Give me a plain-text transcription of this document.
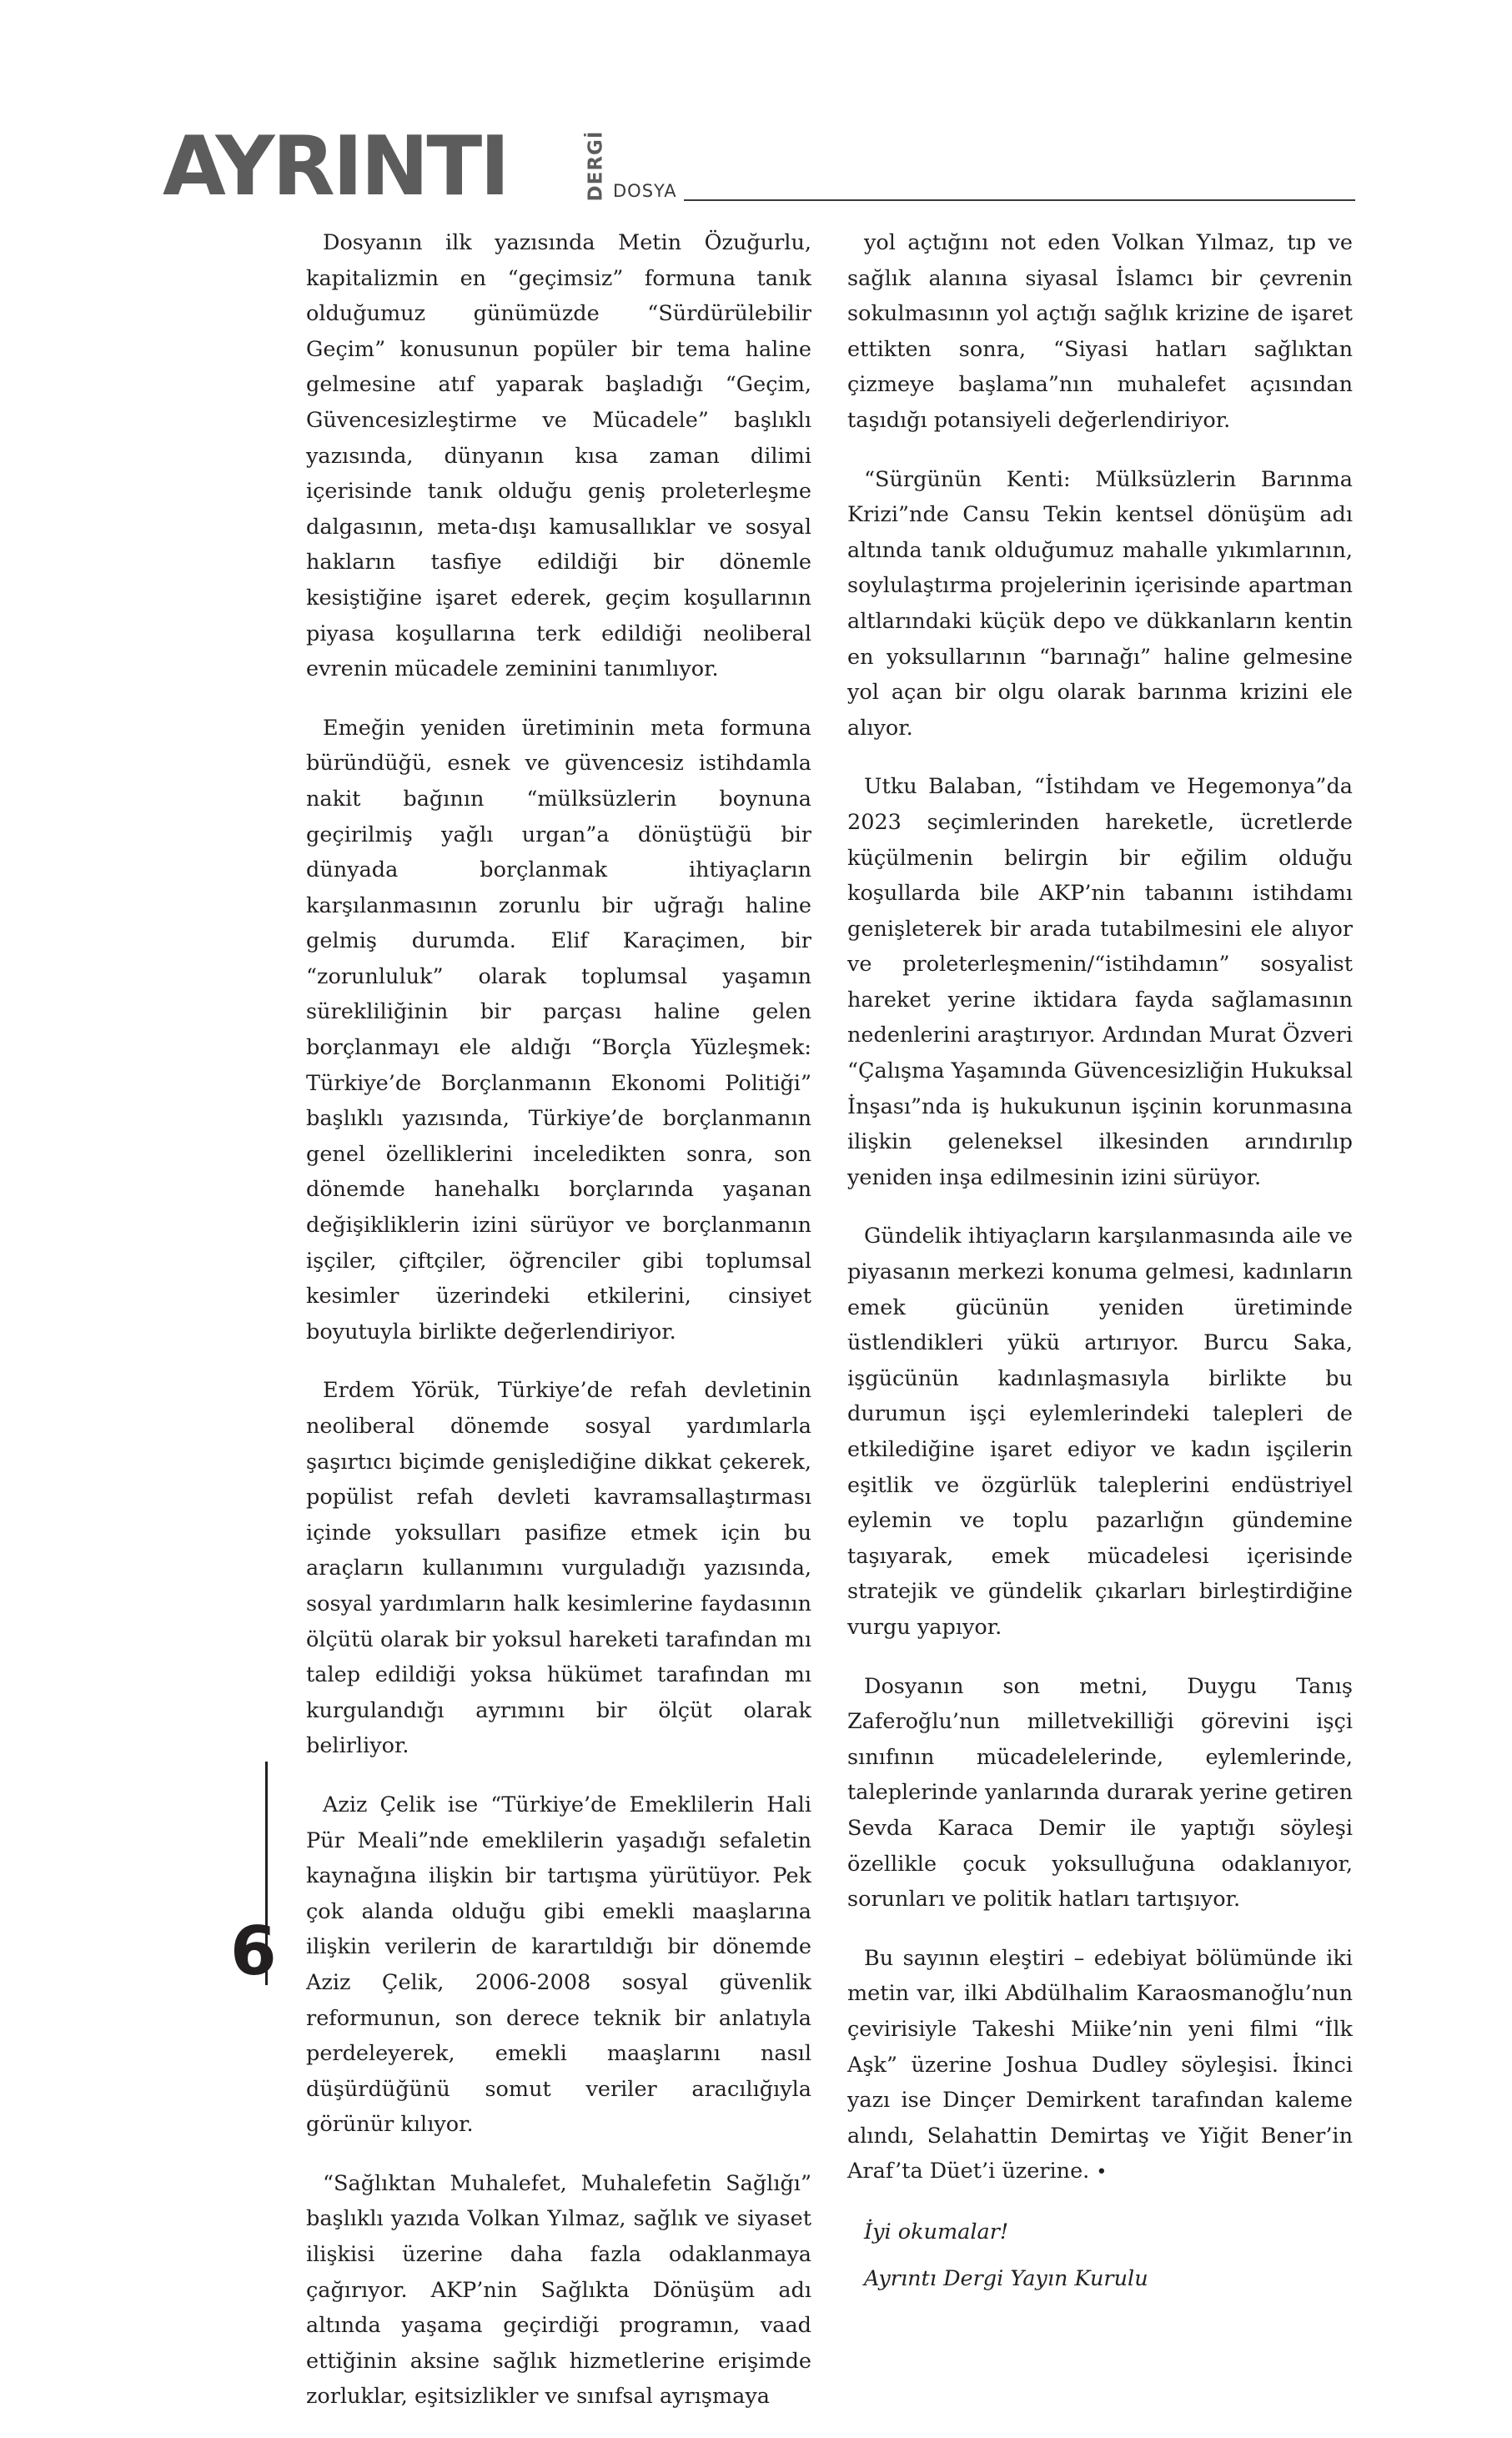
AYRINTI	DERGİ DOSYA

Dosyanın ilk yazısında Metin Özuğurlu, kapitalizmin en “geçimsiz” formuna tanık olduğumuz günümüzde “Sürdürülebilir Geçim” konusunun popüler bir tema haline gelmesine atıf yaparak başladığı “Geçim, Güvencesizleştirme ve Mücadele” başlıklı yazısında, dünyanın kısa zaman dilimi içerisinde tanık olduğu geniş proleterleşme dalgasının, meta-dışı kamusallıklar ve sosyal hakların tasfiye edildiği bir dönemle kesiştiğine işaret ederek, geçim koşullarının piyasa koşullarına terk edildiği neoliberal evrenin mücadele zeminini tanımlıyor.

Emeğin yeniden üretiminin meta formuna büründüğü, esnek ve güvencesiz istihdamla nakit bağının “mülksüzlerin boynuna geçirilmiş yağlı urgan”a dönüştüğü bir dünyada borçlanmak ihtiyaçların karşılanmasının zorunlu bir uğrağı haline gelmiş durumda. Elif Karaçimen, bir “zorunluluk” olarak toplumsal yaşamın sürekliliğinin bir parçası haline gelen borçlanmayı ele aldığı “Borçla Yüzleşmek: Türkiye’de Borçlanmanın Ekonomi Politiği” başlıklı yazısında, Türkiye’de borçlanmanın genel özelliklerini inceledikten sonra, son dönemde hanehalkı borçlarında yaşanan değişikliklerin izini sürüyor ve borçlanmanın işçiler, çiftçiler, öğrenciler gibi toplumsal kesimler üzerindeki etkilerini, cinsiyet boyutuyla birlikte değerlendiriyor.

Erdem Yörük, Türkiye’de refah devletinin neoliberal dönemde sosyal yardımlarla şaşırtıcı biçimde genişlediğine dikkat çekerek, popülist refah devleti kavramsallaştırması içinde yoksulları pasifize etmek için bu araçların kullanımını vurguladığı yazısında, sosyal yardımların halk kesimlerine faydasının ölçütü olarak bir yoksul hareketi tarafından mı talep edildiği yoksa hükümet tarafından mı kurgulandığı ayrımını bir ölçüt olarak belirliyor.

Aziz Çelik ise “Türkiye’de Emeklilerin Hali Pür Meali”nde emeklilerin yaşadığı sefaletin kaynağına ilişkin bir tartışma yürütüyor. Pek çok alanda olduğu gibi emekli maaşlarına ilişkin verilerin de karartıldığı bir dönemde Aziz Çelik, 2006-2008 sosyal güvenlik reformunun, son derece teknik bir anlatıyla perdeleyerek, emekli maaşlarını nasıl düşürdüğünü somut veriler aracılığıyla görünür kılıyor.

“Sağlıktan Muhalefet, Muhalefetin Sağlığı” başlıklı yazıda Volkan Yılmaz, sağlık ve siyaset ilişkisi üzerine daha fazla odaklanmaya çağırıyor. AKP’nin Sağlıkta Dönüşüm adı altında yaşama geçirdiği programın, vaad ettiğinin aksine sağlık hizmetlerine erişimde zorluklar, eşitsizlikler ve sınıfsal ayrışmaya

yol açtığını not eden Volkan Yılmaz, tıp ve sağlık alanına siyasal İslamcı bir çevrenin sokulmasının yol açtığı sağlık krizine de işaret ettikten sonra, “Siyasi hatları sağlıktan çizmeye başlama”nın muhalefet açısından taşıdığı potansiyeli değerlendiriyor.

“Sürgünün Kenti: Mülksüzlerin Barınma Krizi”nde Cansu Tekin kentsel dönüşüm adı altında tanık olduğumuz mahalle yıkımlarının, soylulaştırma projelerinin içerisinde apartman altlarındaki küçük depo ve dükkanların kentin en yoksullarının “barınağı” haline gelmesine yol açan bir olgu olarak barınma krizini ele alıyor.

Utku Balaban, “İstihdam ve Hegemonya”da 2023 seçimlerinden hareketle, ücretlerde küçülmenin belirgin bir eğilim olduğu koşullarda bile AKP’nin tabanını istihdamı genişleterek bir arada tutabilmesini ele alıyor ve proleterleşmenin/“istihdamın” sosyalist hareket yerine iktidara fayda sağlamasının nedenlerini araştırıyor. Ardından Murat Özveri “Çalışma Yaşamında Güvencesizliğin Hukuksal İnşası”nda iş hukukunun işçinin korunmasına ilişkin geleneksel ilkesinden arındırılıp yeniden inşa edilmesinin izini sürüyor.

Gündelik ihtiyaçların karşılanmasında aile ve piyasanın merkezi konuma gelmesi, kadınların emek gücünün yeniden üretiminde üstlendikleri yükü artırıyor. Burcu Saka, işgücünün kadınlaşmasıyla birlikte bu durumun işçi eylemlerindeki talepleri de etkilediğine işaret ediyor ve kadın işçilerin eşitlik ve özgürlük taleplerini endüstriyel eylemin ve toplu pazarlığın gündemine taşıyarak, emek mücadelesi içerisinde stratejik ve gündelik çıkarları birleştirdiğine vurgu yapıyor.

Dosyanın son metni, Duygu Tanış Zaferoğlu’nun milletvekilliği görevini işçi sınıfının mücadelelerinde, eylemlerinde, taleplerinde yanlarında durarak yerine getiren Sevda Karaca Demir ile yaptığı söyleşi özellikle çocuk yoksulluğuna odaklanıyor, sorunları ve politik hatları tartışıyor.

Bu sayının eleştiri – edebiyat bölümünde iki metin var, ilki Abdülhalim Karaosmanoğlu’nun çevirisiyle Takeshi Miike’nin yeni filmi “İlk Aşk” üzerine Joshua Dudley söyleşisi. İkinci yazı ise Dinçer Demirkent tarafından kaleme alındı, Selahattin Demirtaş ve Yiğit Bener’in Araf’ta Düet’i üzerine. •

İyi okumalar!

Ayrıntı Dergi Yayın Kurulu

6
